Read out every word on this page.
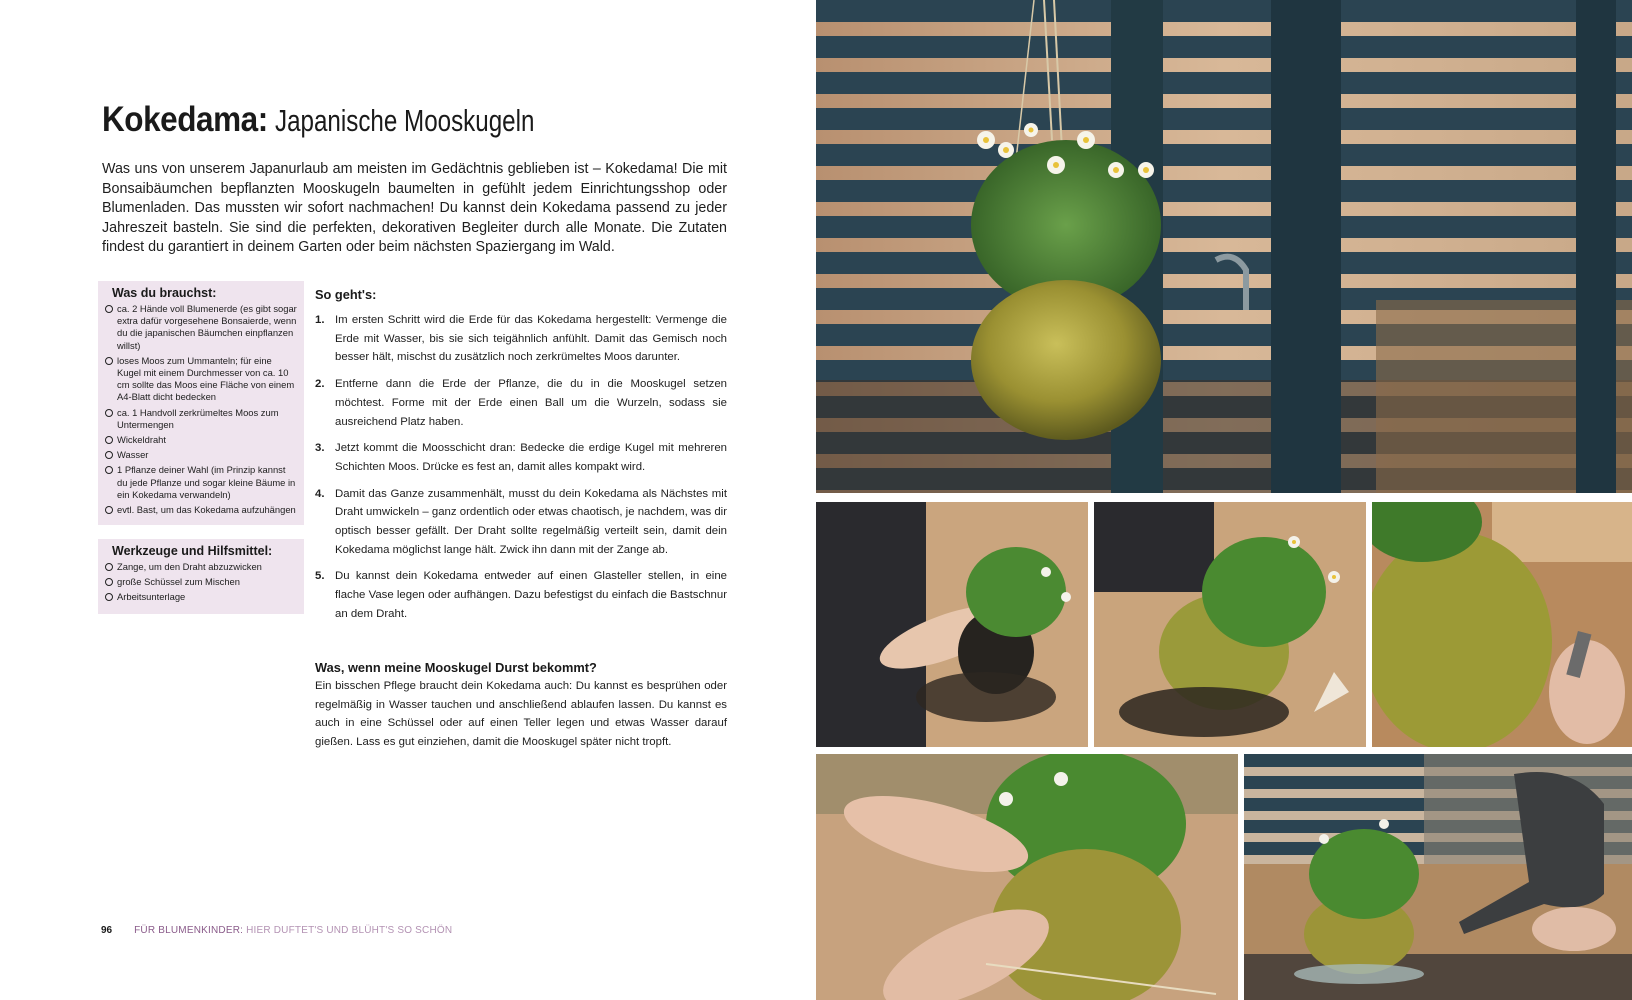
Kokedama: Japanische Mooskugeln

Was uns von unserem Japanurlaub am meisten im Gedächtnis geblieben ist – Kokedama! Die mit Bonsaibäumchen bepflanzten Mooskugeln baumelten in gefühlt jedem Einrichtungsshop oder Blumenladen. Das mussten wir sofort nachmachen! Du kannst dein Kokedama passend zu jeder Jahreszeit basteln. Sie sind die perfekten, dekorativen Begleiter durch alle Monate. Die Zutaten findest du garantiert in deinem Garten oder beim nächsten Spaziergang im Wald.

Was du brauchst:
ca. 2 Hände voll Blumenerde (es gibt sogar extra dafür vorgesehene Bonsaierde, wenn du die japanischen Bäumchen einpflanzen willst)
loses Moos zum Ummanteln; für eine Kugel mit einem Durchmesser von ca. 10 cm sollte das Moos eine Fläche von einem A4-Blatt dicht bedecken
ca. 1 Handvoll zerkrümeltes Moos zum Untermengen
Wickeldraht
Wasser
1 Pflanze deiner Wahl (im Prinzip kannst du jede Pflanze und sogar kleine Bäume in ein Kokedama verwandeln)
evtl. Bast, um das Kokedama aufzuhängen
Werkzeuge und Hilfsmittel:
Zange, um den Draht abzuzwicken
große Schüssel zum Mischen
Arbeitsunterlage
So geht's:
1. Im ersten Schritt wird die Erde für das Kokedama hergestellt: Vermenge die Erde mit Wasser, bis sie sich teigähnlich anfühlt. Damit das Gemisch noch besser hält, mischst du zusätzlich noch zerkrümeltes Moos darunter.
2. Entferne dann die Erde der Pflanze, die du in die Mooskugel setzen möchtest. Forme mit der Erde einen Ball um die Wurzeln, sodass sie ausreichend Platz haben.
3. Jetzt kommt die Moosschicht dran: Bedecke die erdige Kugel mit mehreren Schichten Moos. Drücke es fest an, damit alles kompakt wird.
4. Damit das Ganze zusammenhält, musst du dein Kokedama als Nächstes mit Draht umwickeln – ganz ordentlich oder etwas chaotisch, je nachdem, was dir optisch besser gefällt. Der Draht sollte regelmäßig verteilt sein, damit dein Kokedama möglichst lange hält. Zwick ihn dann mit der Zange ab.
5. Du kannst dein Kokedama entweder auf einen Glasteller stellen, in eine flache Vase legen oder aufhängen. Dazu befestigst du einfach die Bastschnur an dem Draht.
Was, wenn meine Mooskugel Durst bekommt?

Ein bisschen Pflege braucht dein Kokedama auch: Du kannst es besprühen oder regelmäßig in Wasser tauchen und anschließend ablaufen lassen. Du kannst es auch in eine Schüssel oder auf einen Teller legen und etwas Wasser darauf gießen. Lass es gut einziehen, damit die Mooskugel später nicht tropft.

96 FÜR BLUMENKINDER: HIER DUFTET'S UND BLÜHT'S SO SCHÖN
